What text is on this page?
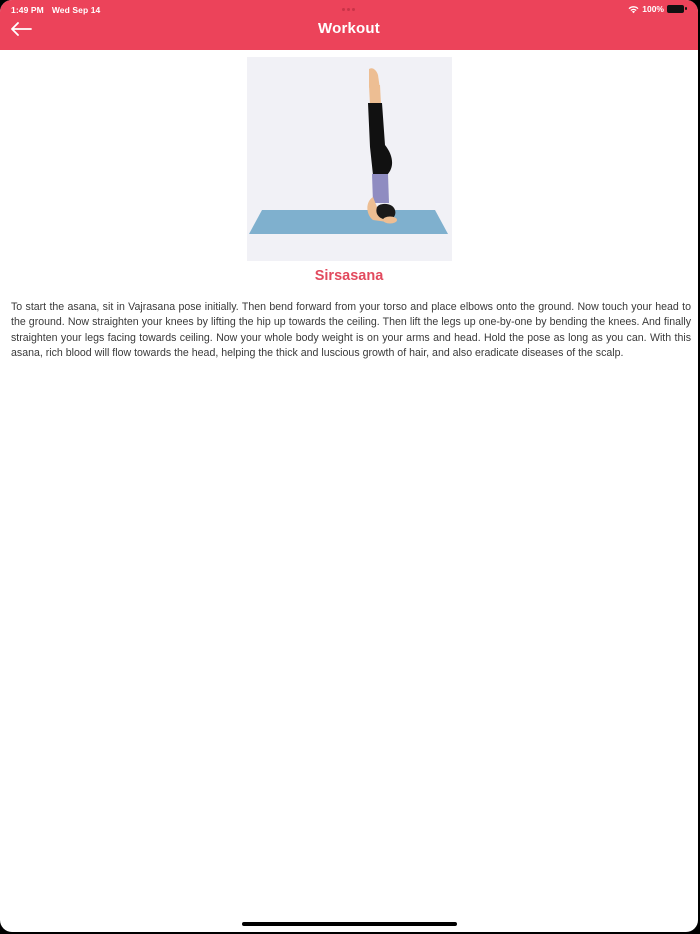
1:49 PM Wed Sep 14	100%
Workout
Sirsasana

To start the asana, sit in Vajrasana pose initially. Then bend forward from your torso and place elbows onto the ground. Now touch your head to the ground. Now straighten your knees by lifting the hip up towards the ceiling. Then lift the legs up one-by-one by bending the knees. And finally straighten your legs facing towards ceiling. Now your whole body weight is on your arms and head. Hold the pose as long as you can. With this asana, rich blood will flow towards the head, helping the thick and luscious growth of hair, and also eradicate diseases of the scalp.
